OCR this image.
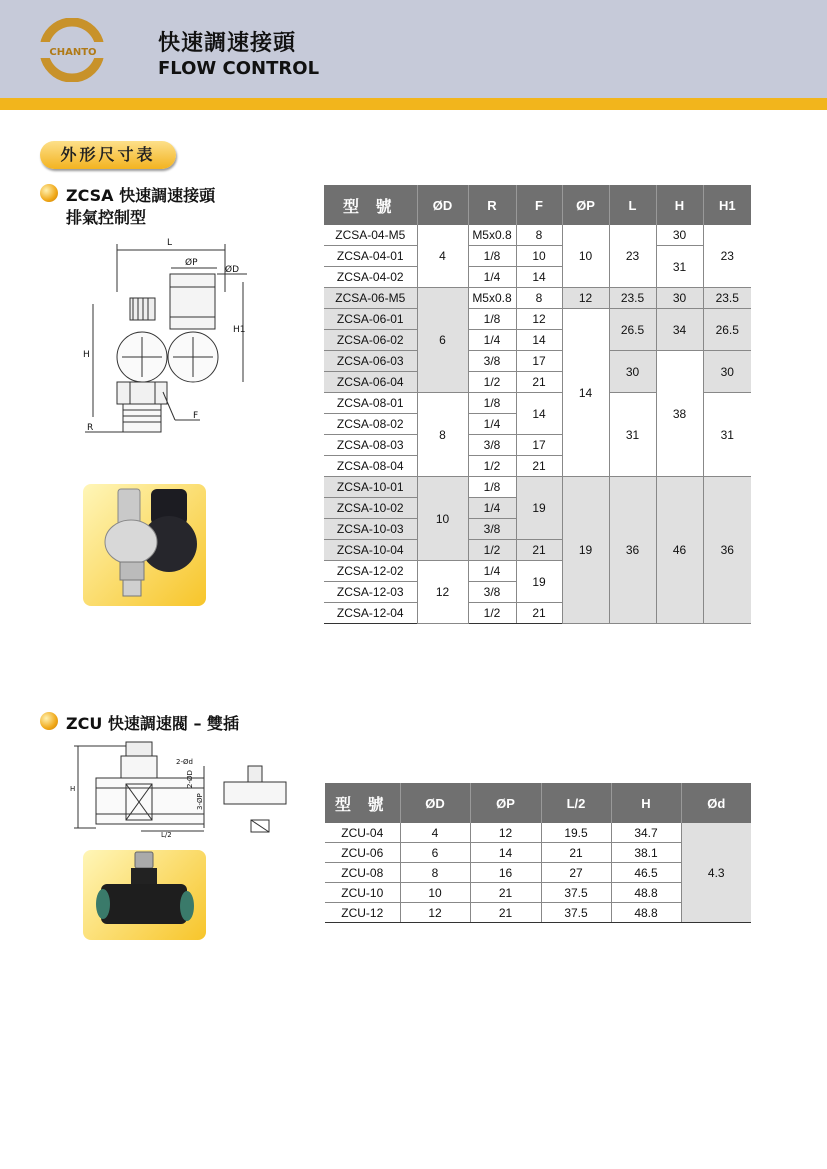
CHANTO	快速調速接頭
FLOW CONTROL
外形尺寸表
ZCSA 快速調速接頭
排氣控制型
L
ØP
ØD
H
H1
R
F
型 號	ØD	R	F	ØP	L	H	H1
ZCSA-04-M5	4	M5x0.8	8	10	23	30	23
ZCSA-04-01		1/8	10			31	
ZCSA-04-02		1/4	14				
ZCSA-06-M5	6	M5x0.8	8	12	23.5	30	23.5
ZCSA-06-01		1/8	12	14	26.5	34	26.5
ZCSA-06-02		1/4	14				
ZCSA-06-03		3/8	17		30	38	30
ZCSA-06-04		1/2	21				
ZCSA-08-01	8	1/8	14		31		31
ZCSA-08-02		1/4					
ZCSA-08-03		3/8	17				
ZCSA-08-04		1/2	21				
ZCSA-10-01	10	1/8	19	19	36	46	36
ZCSA-10-02		1/4					
ZCSA-10-03		3/8					
ZCSA-10-04		1/2	21				
ZCSA-12-02	12	1/4	19				
ZCSA-12-03		3/8					
ZCSA-12-04		1/2	21				
ZCU 快速調速閥 – 雙插
2-Ød
2-ØD
3-ØP
L/2
H
型 號	ØD	ØP	L/2	H	Ød
ZCU-04	4	12	19.5	34.7	4.3
ZCU-06	6	14	21	38.1	
ZCU-08	8	16	27	46.5	
ZCU-10	10	21	37.5	48.8	
ZCU-12	12	21	37.5	48.8	
